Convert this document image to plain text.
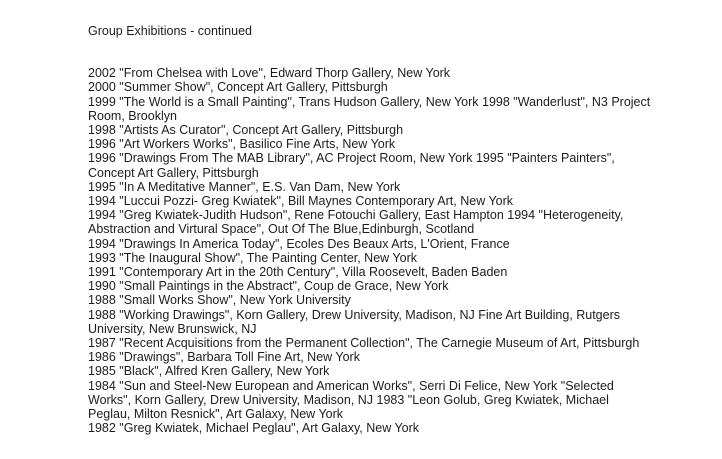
Group Exhibitions - continued

2002 "From Chelsea with Love", Edward Thorp Gallery, New York

2000 "Summer Show", Concept Art Gallery, Pittsburgh

1999 "The World is a Small Painting", Trans Hudson Gallery, New York 1998 "Wanderlust", N3 Project Room, Brooklyn

1998 "Artists As Curator", Concept Art Gallery, Pittsburgh

1996 "Art Workers Works", Basilico Fine Arts, New York

1996 "Drawings From The MAB Library", AC Project Room, New York 1995 "Painters Painters", Concept Art Gallery, Pittsburgh

1995 "In A Meditative Manner", E.S. Van Dam, New York

1994 "Luccui Pozzi- Greg Kwiatek", Bill Maynes Contemporary Art, New York

1994 "Greg Kwiatek-Judith Hudson", Rene Fotouchi Gallery, East Hampton 1994 "Heterogeneity, Abstraction and Virtural Space", Out Of The Blue,Edinburgh, Scotland

1994 "Drawings In America Today", Ecoles Des Beaux Arts, L'Orient, France

1993 "The Inaugural Show", The Painting Center, New York

1991 "Contemporary Art in the 20th Century", Villa Roosevelt, Baden Baden

1990 "Small Paintings in the Abstract", Coup de Grace, New York

1988 "Small Works Show", New York University

1988 "Working Drawings", Korn Gallery, Drew University, Madison, NJ Fine Art Building, Rutgers University, New Brunswick, NJ

1987 "Recent Acquisitions from the Permanent Collection", The Carnegie Museum of Art, Pittsburgh

1986 "Drawings", Barbara Toll Fine Art, New York

1985 "Black", Alfred Kren Gallery, New York

1984 "Sun and Steel-New European and American Works", Serri Di Felice, New York "Selected Works", Korn Gallery, Drew University, Madison, NJ 1983 "Leon Golub, Greg Kwiatek, Michael Peglau, Milton Resnick", Art Galaxy, New York

1982 "Greg Kwiatek, Michael Peglau", Art Galaxy, New York
